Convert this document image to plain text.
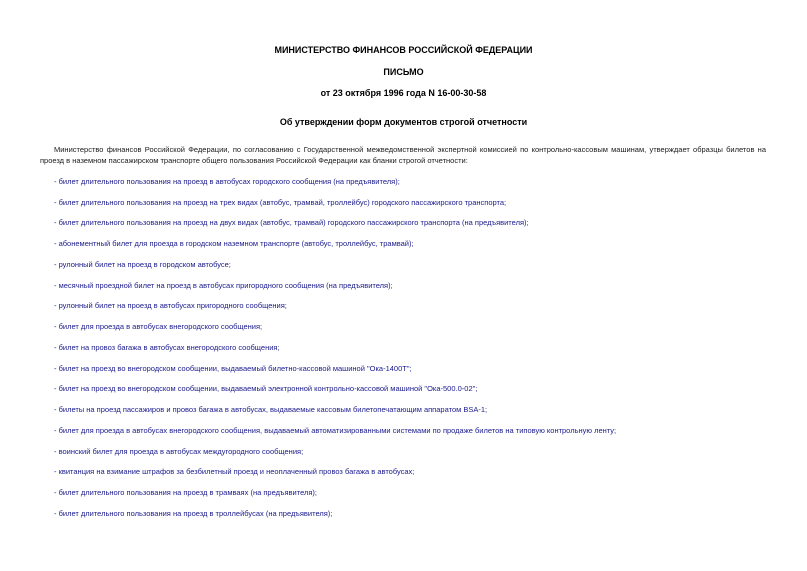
МИНИСТЕРСТВО ФИНАНСОВ РОССИЙСКОЙ ФЕДЕРАЦИИ
ПИСЬМО
от 23 октября 1996 года N 16-00-30-58
Об утверждении форм документов строгой отчетности
Министерство финансов Российской Федерации, по согласованию с Государственной межведомственной экспертной комиссией по контрольно-кассовым машинам, утверждает образцы билетов на проезд в наземном пассажирском транспорте общего пользования Российской Федерации как бланки строгой отчетности:
- билет длительного пользования на проезд в автобусах городского сообщения (на предъявителя);
- билет длительного пользования на проезд на трех видах (автобус, трамвай, троллейбус) городского пассажирского транспорта;
- билет длительного пользования на проезд на двух видах (автобус, трамвай) городского пассажирского транспорта (на предъявителя);
- абонементный билет для проезда в городском наземном транспорте (автобус, троллейбус, трамвай);
- рулонный билет на проезд в городском автобусе;
- месячный проездной билет на проезд в автобусах пригородного сообщения (на предъявителя);
- рулонный билет на проезд в автобусах пригородного сообщения;
- билет для проезда в автобусах внегородского сообщения;
- билет на провоз багажа в автобусах внегородского сообщения;
- билет на проезд во внегородском сообщении, выдаваемый билетно-кассовой машиной "Ока-1400Т";
- билет на проезд во внегородском сообщении, выдаваемый электронной контрольно-кассовой машиной "Ока-500.0-02";
- билеты на проезд пассажиров и провоз багажа в автобусах, выдаваемые кассовым билетопечатающим аппаратом BSA-1;
- билет для проезда в автобусах внегородского сообщения, выдаваемый автоматизированными системами по продаже билетов на типовую контрольную ленту;
- воинский билет для проезда в автобусах междугородного сообщения;
- квитанция на взимание штрафов за безбилетный проезд и неоплаченный провоз багажа в автобусах;
- билет длительного пользования на проезд в трамваях (на предъявителя);
- билет длительного пользования на проезд в троллейбусах (на предъявителя);
